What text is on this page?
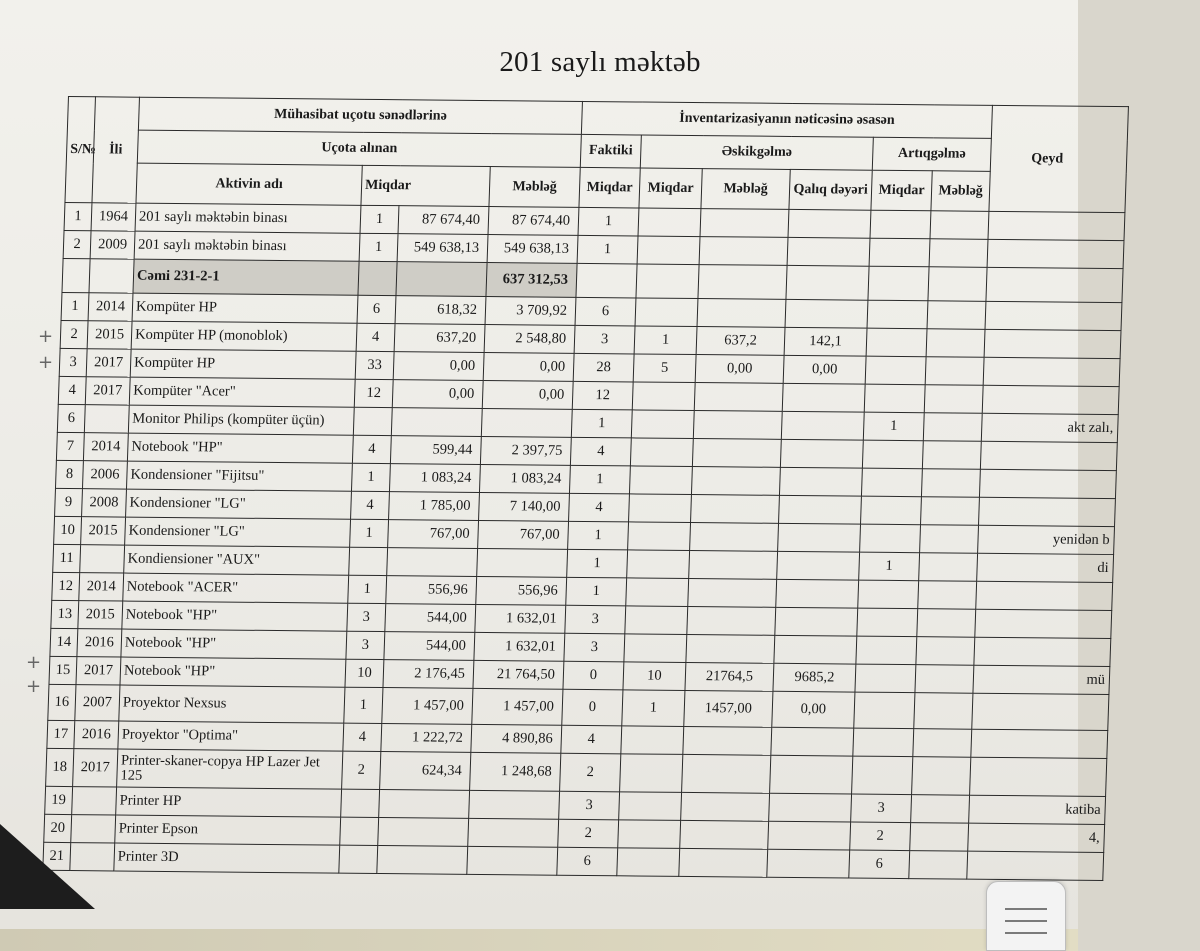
201 saylı məktəb
S/№	İli	Mühasibat uçotu sənədlərinə				İnventarizasiyanın nəticəsinə əsasən						Qeyd
		Uçota alınan				Faktiki	Əskikgəlmə			Artıqgəlmə		
		Aktivin adı	Miqdar		Məbləğ	Miqdar	Miqdar	Məbləğ	Qalıq dəyəri	Miqdar	Məbləğ	
1	1964	201 saylı məktəbin binası	1	87 674,40	87 674,40	1						
2	2009	201 saylı məktəbin binası	1	549 638,13	549 638,13	1						
		Cəmi 231-2-1			637 312,53							
1	2014	Kompüter HP	6	618,32	3 709,92	6						
2	2015	Kompüter HP (monoblok)	4	637,20	2 548,80	3	1	637,2	142,1			
3	2017	Kompüter HP	33	0,00	0,00	28	5	0,00	0,00			
4	2017	Kompüter "Acer"	12	0,00	0,00	12						
6		Monitor Philips (kompüter üçün)				1				1		akt zalı,
7	2014	Notebook "HP"	4	599,44	2 397,75	4						
8	2006	Kondensioner "Fijitsu"	1	1 083,24	1 083,24	1						
9	2008	Kondensioner "LG"	4	1 785,00	7 140,00	4						
10	2015	Kondensioner "LG"	1	767,00	767,00	1						yenidən b
11		Kondiensioner "AUX"				1				1		di
12	2014	Notebook "ACER"	1	556,96	556,96	1						
13	2015	Notebook "HP"	3	544,00	1 632,01	3						
14	2016	Notebook "HP"	3	544,00	1 632,01	3						
15	2017	Notebook "HP"	10	2 176,45	21 764,50	0	10	21764,5	9685,2			mü
16	2007	Proyektor Nexsus	1	1 457,00	1 457,00	0	1	1457,00	0,00			
17	2016	Proyektor "Optima"	4	1 222,72	4 890,86	4						
18	2017	Printer-skaner-copya HP Lazer Jet 125	2	624,34	1 248,68	2						
19		Printer HP				3				3		katiba
20		Printer Epson				2				2		4,
21		Printer 3D				6				6		
+
+
+
+
